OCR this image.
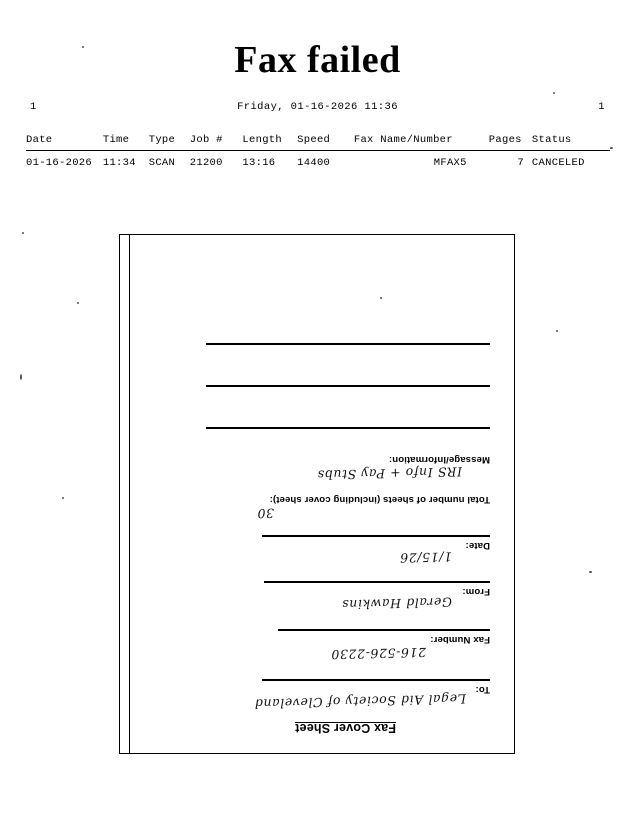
Fax failed
1	Friday, 01-16-2026 11:36	1
Date	Time	Type	Job #	Length	Speed	Fax Name/Number	Pages	Status

01-16-2026	11:34	SCAN	21200	13:16	14400	MFAX5	7	CANCELED
Fax Cover Sheet
To:
Legal Aid Society of Cleveland
Fax Number:
216-526-2230
From:
Gerald Hawkins
Date:
1/15/26
Total number of sheets (including cover sheet):
30
Message/Information:
IRS Info + Pay Stubs
